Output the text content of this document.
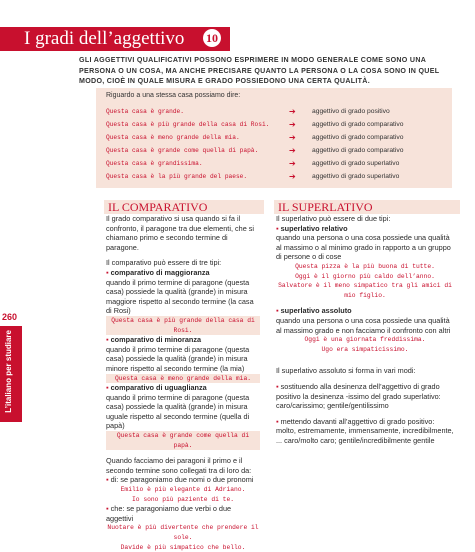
I gradi dell’aggettivo 10
GLI AGGETTIVI QUALIFICATIVI POSSONO ESPRIMERE IN MODO GENERALE COME SONO UNA PERSONA O UN COSA, MA ANCHE PRECISARE QUANTO LA PERSONA O LA COSA SONO IN QUEL MODO, CIOÈ IN QUALE MISURA E GRADO POSSIEDONO UNA CERTA QUALITÀ.
Riguardo a una stessa casa possiamo dire:
Questa casa è grande.	➔ aggettivo di grado positivo
Questa casa è più grande della casa di Rosi. ➔ aggettivo di grado comparativo
Questa casa è meno grande della mia.	➔ aggettivo di grado comparativo
Questa casa è grande come quella di papà.	➔ aggettivo di grado comparativo
Questa casa è grandissima.	➔ aggettivo di grado superlativo
Questa casa è la più grande del paese.	➔ aggettivo di grado superlativo
IL COMPARATIVO	IL SUPERLATIVO

Il grado comparativo si usa quando si fa il confronto, il paragone tra due elementi, che si chiamano primo e secondo termine di paragone.

Il comparativo può essere di tre tipi:

▪ comparativo di maggioranza

quando il primo termine di paragone (questa casa) possiede la qualità (grande) in misura maggiore rispetto al secondo termine (la casa di Rosi)

Questa casa è più grande della casa di Rosi.

▪ comparativo di minoranza

quando il primo termine di paragone (questa casa) possiede la qualità (grande) in misura minore rispetto al secondo termine (la mia)

Questa casa è meno grande della mia.

▪ comparativo di uguaglianza

quando il primo termine di paragone (questa casa) possiede la qualità (grande) in misura uguale rispetto al secondo termine (quella di papà)

Questa casa è grande come quella di papà.

Quando facciamo dei paragoni il primo e il secondo termine sono collegati tra di loro da:

▪ di: se paragoniamo due nomi o due pronomi

Emilio è più elegante di Adriano.

Io sono più paziente di te.

▪ che: se paragoniamo due verbi o due aggettivi

Nuotare è più divertente che prendere il sole.

Davide è più simpatico che bello.

Il superlativo può essere di due tipi:

▪ superlativo relativo

quando una persona o una cosa possiede una qualità al massimo o al minimo grado in rapporto a un gruppo di persone o di cose

Questa pizza è la più buona di tutte.

Oggi è il giorno più caldo dell’anno.

Salvatore è il meno simpatico tra gli amici di mio figlio.

▪ superlativo assoluto

quando una persona o una cosa possiede una qualità al massimo grado e non facciamo il confronto con altri

Oggi è una giornata freddissima.

Ugo era simpaticissimo.

Il superlativo assoluto si forma in vari modi:

▪ sostituendo alla desinenza dell’aggettivo di grado positivo la desinenza -issimo del grado superlativo: caro/carissimo; gentile/gentilissimo

▪ mettendo davanti all’aggettivo di grado positivo: molto, estremamente, immensamente, incredibilmente, ... caro/molto caro; gentile/incredibilmente gentile

260
L’italiano per studiare
